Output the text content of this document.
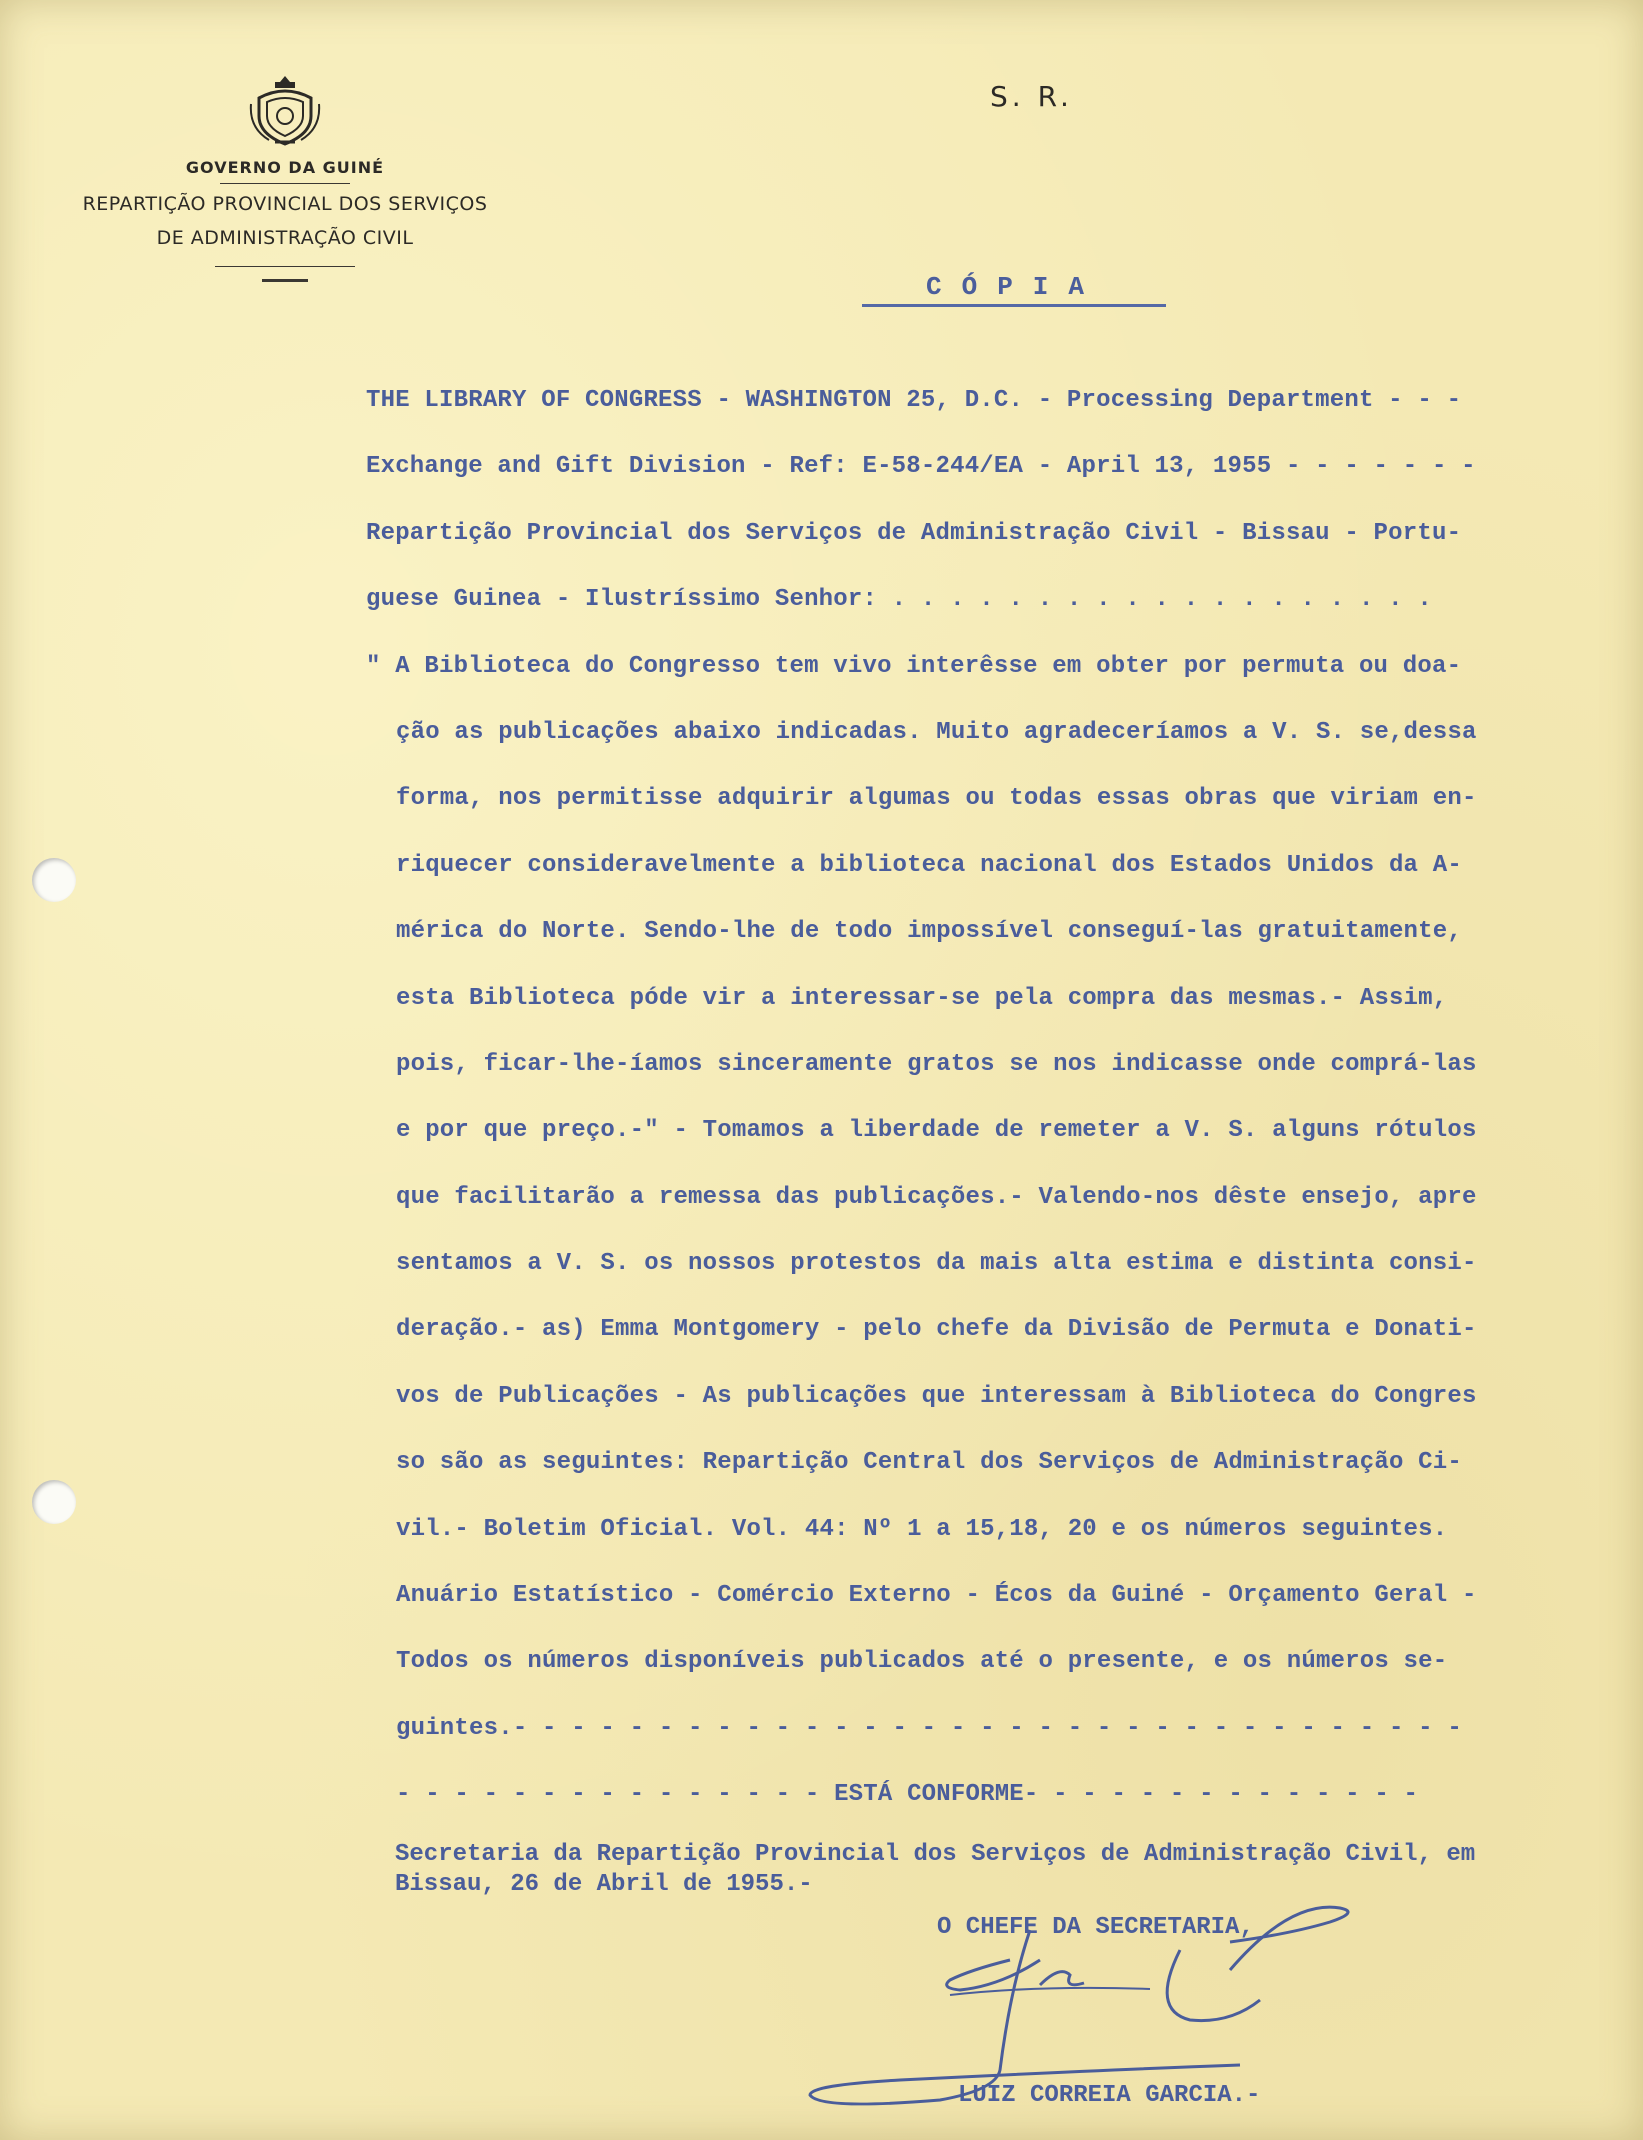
GOVERNO DA GUINÉ
REPARTIÇÃO PROVINCIAL DOS SERVIÇOS
DE ADMINISTRAÇÃO CIVIL
S. R.
CÓPIA
THE LIBRARY OF CONGRESS - WASHINGTON 25, D.C. - Processing Department - - -
Exchange and Gift Division - Ref: E-58-244/EA - April 13, 1955 - - - - - - -
Repartição Provincial dos Serviços de Administração Civil - Bissau - Portu-
guese Guinea - Ilustríssimo Senhor: . . . . . . . . . . . . . . . . . . .
" A Biblioteca do Congresso tem vivo interêsse em obter por permuta ou doa-
ção as publicações abaixo indicadas. Muito agradeceríamos a V. S. se,dessa
forma, nos permitisse adquirir algumas ou todas essas obras que viriam en-
riquecer consideravelmente a biblioteca nacional dos Estados Unidos da A-
mérica do Norte. Sendo-lhe de todo impossível conseguí-las gratuitamente,
esta Biblioteca póde vir a interessar-se pela compra das mesmas.- Assim,
pois, ficar-lhe-íamos sinceramente gratos se nos indicasse onde comprá-las
e por que preço.-" - Tomamos a liberdade de remeter a V. S. alguns rótulos
que facilitarão a remessa das publicações.- Valendo-nos dêste ensejo, apre
sentamos a V. S. os nossos protestos da mais alta estima e distinta consi-
deração.- as) Emma Montgomery - pelo chefe da Divisão de Permuta e Donati-
vos de Publicações - As publicações que interessam à Biblioteca do Congres
so são as seguintes: Repartição Central dos Serviços de Administração Ci-
vil.- Boletim Oficial. Vol. 44: Nº 1 a 15,18, 20 e os números seguintes.
Anuário Estatístico - Comércio Externo - Écos da Guiné - Orçamento Geral -
Todos os números disponíveis publicados até o presente, e os números se-
guintes.- - - - - - - - - - - - - - - - - - - - - - - - - - - - - - - - -
- - - - - - - - - - - - - - - ESTÁ CONFORME- - - - - - - - - - - - - -
Secretaria da Repartição Provincial dos Serviços de Administração Civil, em
Bissau, 26 de Abril de 1955.-
O CHEFE DA SECRETARIA,
LUIZ CORREIA GARCIA.-
